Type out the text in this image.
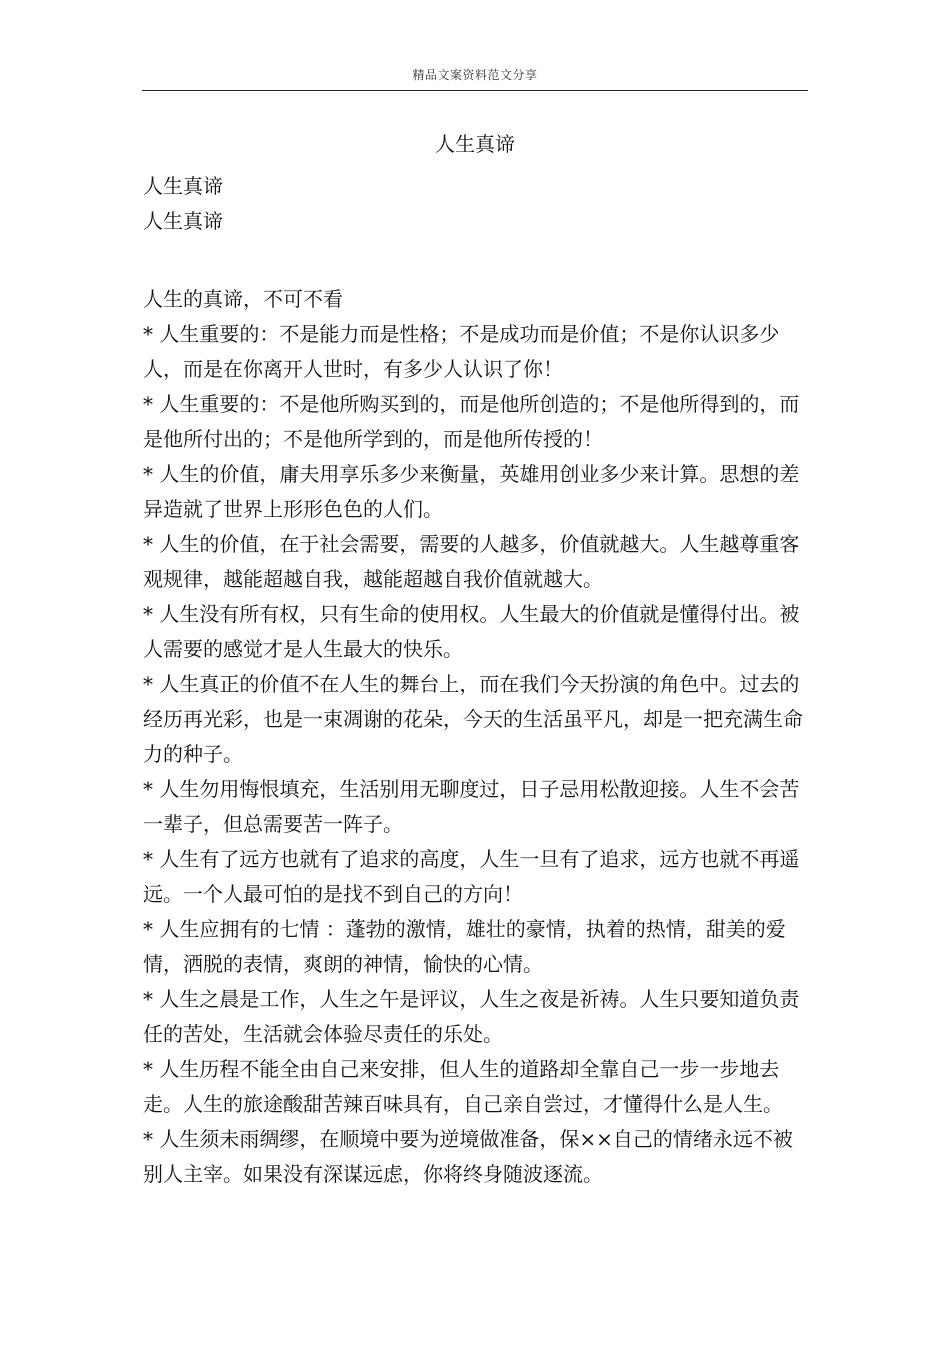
精品文案资料范文分享
人生真谛
人生真谛
人生真谛

人生的真谛，不可不看

* 人生重要的：不是能力而是性格；不是成功而是价值；不是你认识多少人，而是在你离开人世时，有多少人认识了你！

* 人生重要的：不是他所购买到的，而是他所创造的；不是他所得到的，而是他所付出的；不是他所学到的，而是他所传授的！

* 人生的价值，庸夫用享乐多少来衡量，英雄用创业多少来计算。思想的差异造就了世界上形形色色的人们。

* 人生的价值，在于社会需要，需要的人越多，价值就越大。人生越尊重客观规律，越能超越自我，越能超越自我价值就越大。

* 人生没有所有权，只有生命的使用权。人生最大的价值就是懂得付出。被人需要的感觉才是人生最大的快乐。

* 人生真正的价值不在人生的舞台上，而在我们今天扮演的角色中。过去的经历再光彩，也是一束凋谢的花朵，今天的生活虽平凡，却是一把充满生命力的种子。

* 人生勿用悔恨填充，生活别用无聊度过，日子忌用松散迎接。人生不会苦一辈子，但总需要苦一阵子。

* 人生有了远方也就有了追求的高度，人生一旦有了追求，远方也就不再遥远。一个人最可怕的是找不到自己的方向！

* 人生应拥有的七情 ：蓬勃的激情，雄壮的豪情，执着的热情，甜美的爱情，洒脱的表情，爽朗的神情，愉快的心情。

* 人生之晨是工作，人生之午是评议，人生之夜是祈祷。人生只要知道负责任的苦处，生活就会体验尽责任的乐处。

* 人生历程不能全由自己来安排，但人生的道路却全靠自己一步一步地去走。人生的旅途酸甜苦辣百味具有，自己亲自尝过，才懂得什么是人生。

* 人生须未雨绸缪，在顺境中要为逆境做准备，保××自己的情绪永远不被别人主宰。如果没有深谋远虑，你将终身随波逐流。
